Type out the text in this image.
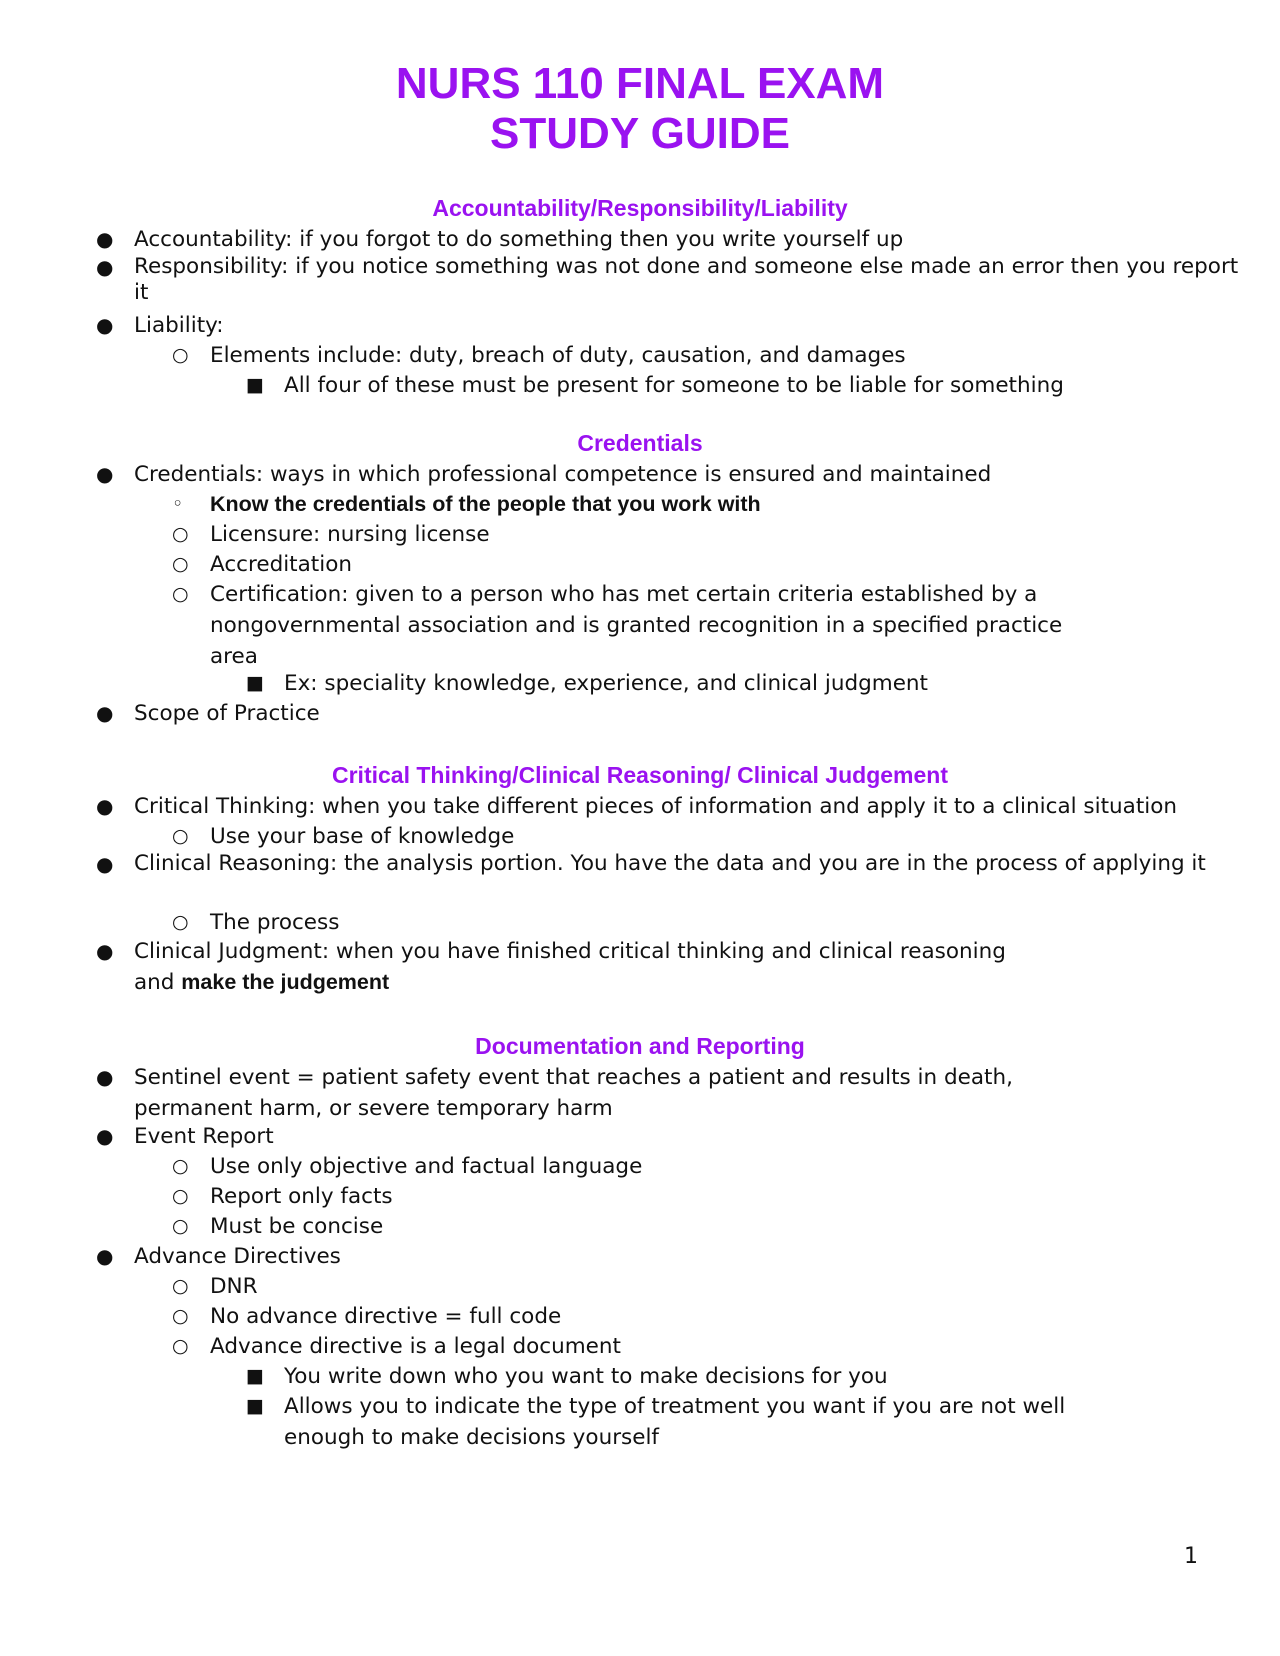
NURS 110 FINAL EXAM
STUDY GUIDE
Accountability/Responsibility/Liability
● Accountability: if you forgot to do something then you write yourself up
● Responsibility: if you notice something was not done and someone else made an error then you report it
● Liability:
○ Elements include: duty, breach of duty, causation, and damages
■ All four of these must be present for someone to be liable for something
Credentials
● Credentials: ways in which professional competence is ensured and maintained
◦ Know the credentials of the people that you work with
○ Licensure: nursing license
○ Accreditation
○ Certification: given to a person who has met certain criteria established by a nongovernmental association and is granted recognition in a specified practice area
■ Ex: speciality knowledge, experience, and clinical judgment
● Scope of Practice
Critical Thinking/Clinical Reasoning/ Clinical Judgement
● Critical Thinking: when you take different pieces of information and apply it to a clinical situation
○ Use your base of knowledge
● Clinical Reasoning: the analysis portion. You have the data and you are in the process of applying it
○ The process
● Clinical Judgment: when you have finished critical thinking and clinical reasoning
and make the judgement
Documentation and Reporting
● Sentinel event = patient safety event that reaches a patient and results in death, permanent harm, or severe temporary harm
● Event Report
○ Use only objective and factual language
○ Report only facts
○ Must be concise
● Advance Directives
○ DNR
○ No advance directive = full code
○ Advance directive is a legal document
■ You write down who you want to make decisions for you
■ Allows you to indicate the type of treatment you want if you are not well enough to make decisions yourself
1
